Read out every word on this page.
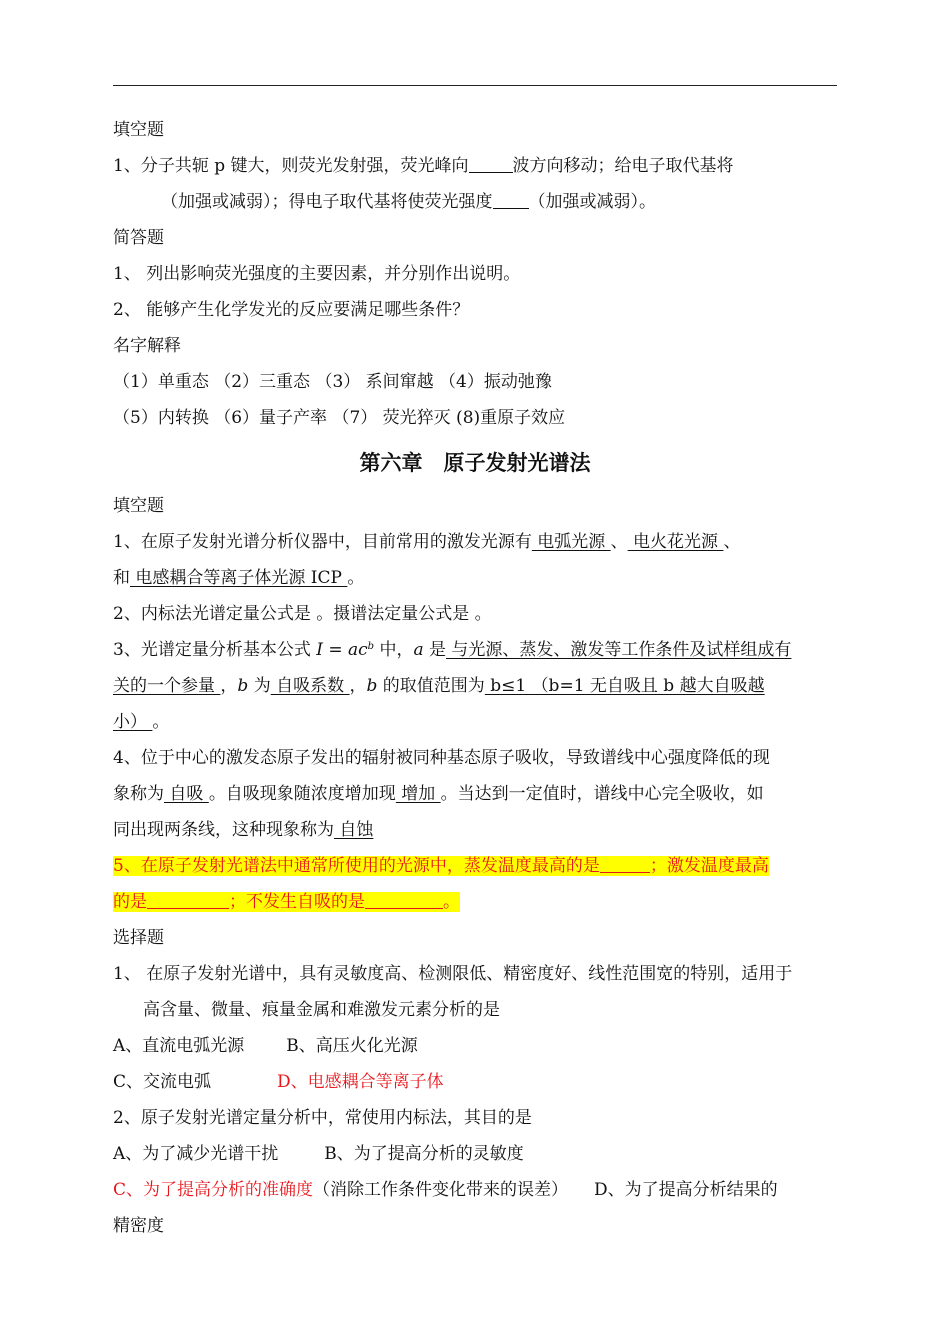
填空题
1、分子共轭 p 键大，则荧光发射强，荧光峰向	波方向移动；给电子取代基将
（加强或减弱）；得电子取代基将使荧光强度 （加强或减弱）。
简答题
1、 列出影响荧光强度的主要因素，并分别作出说明。
2、 能够产生化学发光的反应要满足哪些条件？
名字解释
（1）单重态 （2）三重态 （3） 系间窜越 （4）振动弛豫
（5）内转换 （6）量子产率 （7） 荧光猝灭 (8)重原子效应
第六章　原子发射光谱法
填空题
1、在原子发射光谱分析仪器中，目前常用的激发光源有 电弧光源 、 电火花光源 、
和 电感耦合等离子体光源 ICP 。
2、内标法光谱定量公式是 。摄谱法定量公式是 。
3、光谱定量分析基本公式 $I = ac^b$ 中，a 是 与光源、蒸发、激发等工作条件及试样组成有
关的一个参量 ，b 为 自吸系数 ，b 的取值范围为 b≤1 （b=1 无自吸且 b 越大自吸越
小） 。
4、位于中心的激发态原子发出的辐射被同种基态原子吸收，导致谱线中心强度降低的现
象称为 自吸 。自吸现象随浓度增加现 增加 。当达到一定值时，谱线中心完全吸收，如
同出现两条线，这种现象称为 自蚀
5、在原子发射光谱法中通常所使用的光源中，蒸发温度最高的是	；激发温度最高
的是	；不发生自吸的是	。
选择题
1、 在原子发射光谱中，具有灵敏度高、检测限低、精密度好、线性范围宽的特别，适用于
高含量、微量、痕量金属和难激发元素分析的是
A、直流电弧光源 B、高压火化光源
C、交流电弧	D、电感耦合等离子体
2、原子发射光谱定量分析中，常使用内标法，其目的是
A、为了减少光谱干扰	B、为了提高分析的灵敏度
C、为了提高分析的准确度（消除工作条件变化带来的误差） D、为了提高分析结果的
精密度
